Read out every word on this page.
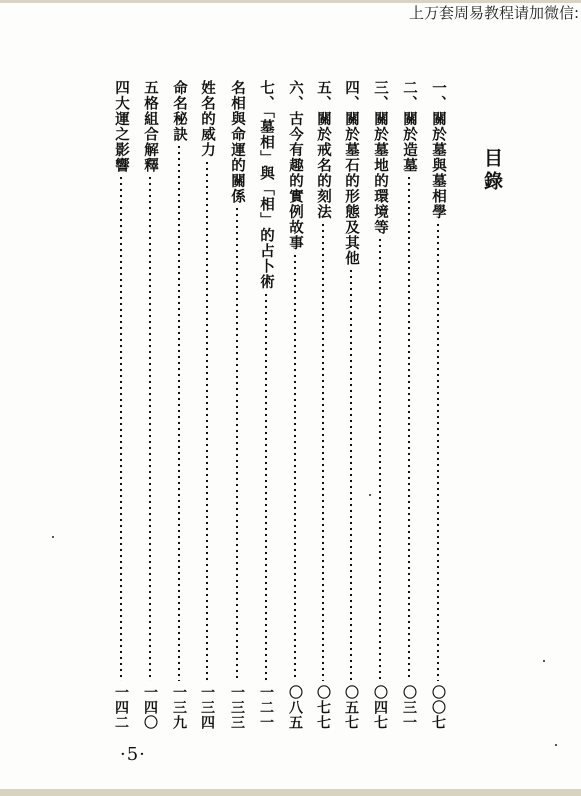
上万套周易教程请加微信:
目錄
一、關於墓與墓相學
〇〇七
二、關於造墓
〇三一
三、關於墓地的環境等
〇四七
四、關於墓石的形態及其他
〇五七
五、關於戒名的刻法
〇七七
六、古今有趣的實例故事
〇八五
七、「墓相」與「相」的占卜術
一二一
名相與命運的關係
一三三
姓名的威力
一三四
命名秘訣
一三九
五格組合解釋
一四〇
四大運之影響
一四二
·5·
